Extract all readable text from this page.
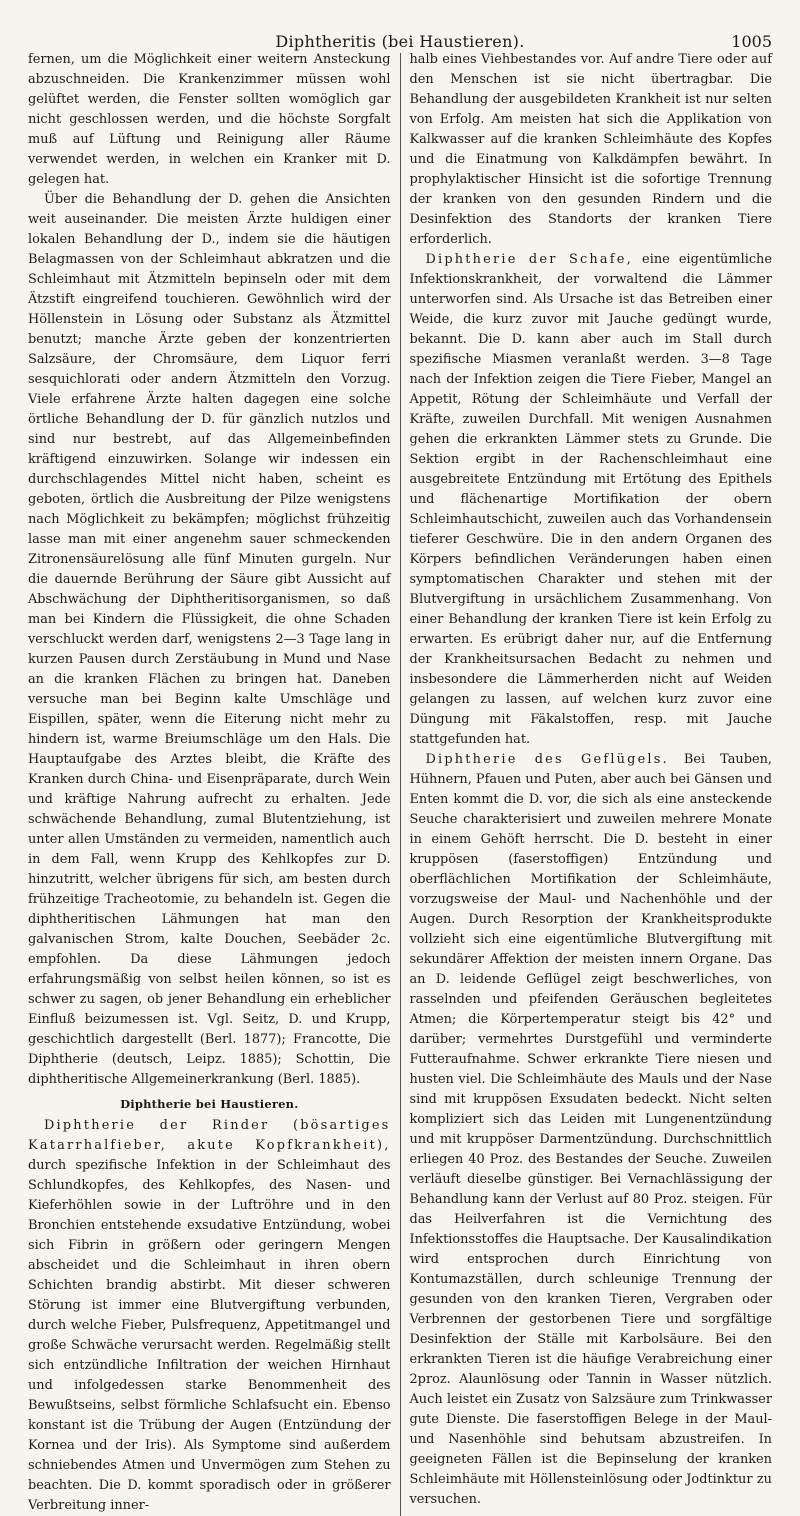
Diphtheritis (bei Haustieren).	1005

fernen, um die Möglichkeit einer weitern Ansteckung abzuschneiden. Die Krankenzimmer müssen wohl gelüftet werden, die Fenster sollten womöglich gar nicht geschlossen werden, und die höchste Sorgfalt muß auf Lüftung und Reinigung aller Räume verwendet werden, in welchen ein Kranker mit D. gelegen hat.

Über die Behandlung der D. gehen die Ansichten weit auseinander. Die meisten Ärzte huldigen einer lokalen Behandlung der D., indem sie die häutigen Belagmassen von der Schleimhaut abkratzen und die Schleimhaut mit Ätzmitteln bepinseln oder mit dem Ätzstift eingreifend touchieren. Gewöhnlich wird der Höllenstein in Lösung oder Substanz als Ätzmittel benutzt; manche Ärzte geben der konzentrierten Salzsäure, der Chromsäure, dem Liquor ferri sesquichlorati oder andern Ätzmitteln den Vorzug. Viele erfahrene Ärzte halten dagegen eine solche örtliche Behandlung der D. für gänzlich nutzlos und sind nur bestrebt, auf das Allgemeinbefinden kräftigend einzuwirken. Solange wir indessen ein durchschlagendes Mittel nicht haben, scheint es geboten, örtlich die Ausbreitung der Pilze wenigstens nach Möglichkeit zu bekämpfen; möglichst frühzeitig lasse man mit einer angenehm sauer schmeckenden Zitronensäurelösung alle fünf Minuten gurgeln. Nur die dauernde Berührung der Säure gibt Aussicht auf Abschwächung der Diphtheritisorganismen, so daß man bei Kindern die Flüssigkeit, die ohne Schaden verschluckt werden darf, wenigstens 2—3 Tage lang in kurzen Pausen durch Zerstäubung in Mund und Nase an die kranken Flächen zu bringen hat. Daneben versuche man bei Beginn kalte Umschläge und Eispillen, später, wenn die Eiterung nicht mehr zu hindern ist, warme Breiumschläge um den Hals. Die Hauptaufgabe des Arztes bleibt, die Kräfte des Kranken durch China- und Eisenpräparate, durch Wein und kräftige Nahrung aufrecht zu erhalten. Jede schwächende Behandlung, zumal Blutentziehung, ist unter allen Umständen zu vermeiden, namentlich auch in dem Fall, wenn Krupp des Kehlkopfes zur D. hinzutritt, welcher übrigens für sich, am besten durch frühzeitige Tracheotomie, zu behandeln ist. Gegen die diphtheritischen Lähmungen hat man den galvanischen Strom, kalte Douchen, Seebäder 2c. empfohlen. Da diese Lähmungen jedoch erfahrungsmäßig von selbst heilen können, so ist es schwer zu sagen, ob jener Behandlung ein erheblicher Einfluß beizumessen ist. Vgl. Seitz, D. und Krupp, geschichtlich dargestellt (Berl. 1877); Francotte, Die Diphtherie (deutsch, Leipz. 1885); Schottin, Die diphtheritische Allgemeinerkrankung (Berl. 1885).

Diphtherie bei Haustieren.

Diphtherie der Rinder (bösartiges Katarrhalfieber, akute Kopfkrankheit), durch spezifische Infektion in der Schleimhaut des Schlundkopfes, des Kehlkopfes, des Nasen- und Kieferhöhlen sowie in der Luftröhre und in den Bronchien entstehende exsudative Entzündung, wobei sich Fibrin in größern oder geringern Mengen abscheidet und die Schleimhaut in ihren obern Schichten brandig abstirbt. Mit dieser schweren Störung ist immer eine Blutvergiftung verbunden, durch welche Fieber, Pulsfrequenz, Appetitmangel und große Schwäche verursacht werden. Regelmäßig stellt sich entzündliche Infiltration der weichen Hirnhaut und infolgedessen starke Benommenheit des Bewußtseins, selbst förmliche Schlafsucht ein. Ebenso konstant ist die Trübung der Augen (Entzündung der Kornea und der Iris). Als Symptome sind außerdem schniebendes Atmen und Unvermögen zum Stehen zu beachten. Die D. kommt sporadisch oder in größerer Verbreitung inner-

halb eines Viehbestandes vor. Auf andre Tiere oder auf den Menschen ist sie nicht übertragbar. Die Behandlung der ausgebildeten Krankheit ist nur selten von Erfolg. Am meisten hat sich die Applikation von Kalkwasser auf die kranken Schleimhäute des Kopfes und die Einatmung von Kalkdämpfen bewährt. In prophylaktischer Hinsicht ist die sofortige Trennung der kranken von den gesunden Rindern und die Desinfektion des Standorts der kranken Tiere erforderlich.

Diphtherie der Schafe, eine eigentümliche Infektionskrankheit, der vorwaltend die Lämmer unterworfen sind. Als Ursache ist das Betreiben einer Weide, die kurz zuvor mit Jauche gedüngt wurde, bekannt. Die D. kann aber auch im Stall durch spezifische Miasmen veranlaßt werden. 3—8 Tage nach der Infektion zeigen die Tiere Fieber, Mangel an Appetit, Rötung der Schleimhäute und Verfall der Kräfte, zuweilen Durchfall. Mit wenigen Ausnahmen gehen die erkrankten Lämmer stets zu Grunde. Die Sektion ergibt in der Rachenschleimhaut eine ausgebreitete Entzündung mit Ertötung des Epithels und flächenartige Mortifikation der obern Schleimhautschicht, zuweilen auch das Vorhandensein tieferer Geschwüre. Die in den andern Organen des Körpers befindlichen Veränderungen haben einen symptomatischen Charakter und stehen mit der Blutvergiftung in ursächlichem Zusammenhang. Von einer Behandlung der kranken Tiere ist kein Erfolg zu erwarten. Es erübrigt daher nur, auf die Entfernung der Krankheitsursachen Bedacht zu nehmen und insbesondere die Lämmerherden nicht auf Weiden gelangen zu lassen, auf welchen kurz zuvor eine Düngung mit Fäkalstoffen, resp. mit Jauche stattgefunden hat.

Diphtherie des Geflügels. Bei Tauben, Hühnern, Pfauen und Puten, aber auch bei Gänsen und Enten kommt die D. vor, die sich als eine ansteckende Seuche charakterisiert und zuweilen mehrere Monate in einem Gehöft herrscht. Die D. besteht in einer kruppösen (faserstoffigen) Entzündung und oberflächlichen Mortifikation der Schleimhäute, vorzugsweise der Maul- und Nachenhöhle und der Augen. Durch Resorption der Krankheitsprodukte vollzieht sich eine eigentümliche Blutvergiftung mit sekundärer Affektion der meisten innern Organe. Das an D. leidende Geflügel zeigt beschwerliches, von rasselnden und pfeifenden Geräuschen begleitetes Atmen; die Körpertemperatur steigt bis 42° und darüber; vermehrtes Durstgefühl und verminderte Futteraufnahme. Schwer erkrankte Tiere niesen und husten viel. Die Schleimhäute des Mauls und der Nase sind mit kruppösen Exsudaten bedeckt. Nicht selten kompliziert sich das Leiden mit Lungenentzündung und mit kruppöser Darmentzündung. Durchschnittlich erliegen 40 Proz. des Bestandes der Seuche. Zuweilen verläuft dieselbe günstiger. Bei Vernachlässigung der Behandlung kann der Verlust auf 80 Proz. steigen. Für das Heilverfahren ist die Vernichtung des Infektionsstoffes die Hauptsache. Der Kausalindikation wird entsprochen durch Einrichtung von Kontumazställen, durch schleunige Trennung der gesunden von den kranken Tieren, Vergraben oder Verbrennen der gestorbenen Tiere und sorgfältige Desinfektion der Ställe mit Karbolsäure. Bei den erkrankten Tieren ist die häufige Verabreichung einer 2proz. Alaunlösung oder Tannin in Wasser nützlich. Auch leistet ein Zusatz von Salzsäure zum Trinkwasser gute Dienste. Die faserstoffigen Belege in der Maul- und Nasenhöhle sind behutsam abzustreifen. In geeigneten Fällen ist die Bepinselung der kranken Schleimhäute mit Höllensteinlösung oder Jodtinktur zu versuchen.
